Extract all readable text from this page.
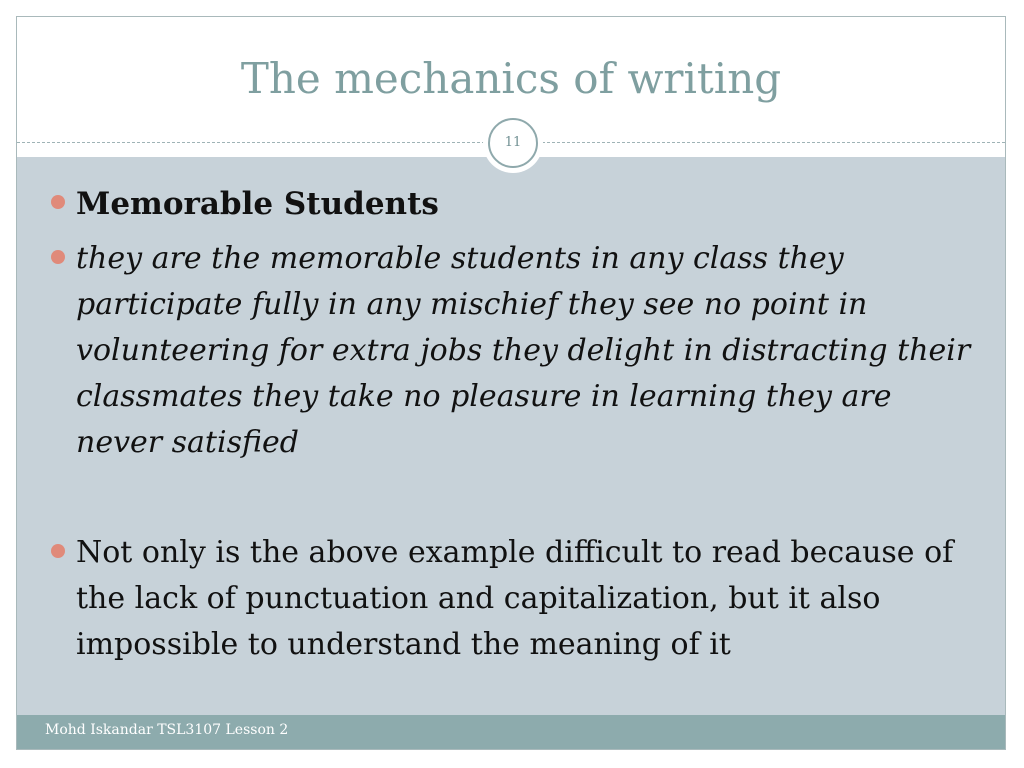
The mechanics of writing
11
Memorable Students
they are the memorable students in any class they participate fully in any mischief they see no point in volunteering for extra jobs they delight in distracting their classmates they take no pleasure in learning they are never satisfied
Not only is the above example difficult to read because of the lack of punctuation and capitalization, but it also impossible to understand the meaning of it
Mohd Iskandar TSL3107 Lesson 2
